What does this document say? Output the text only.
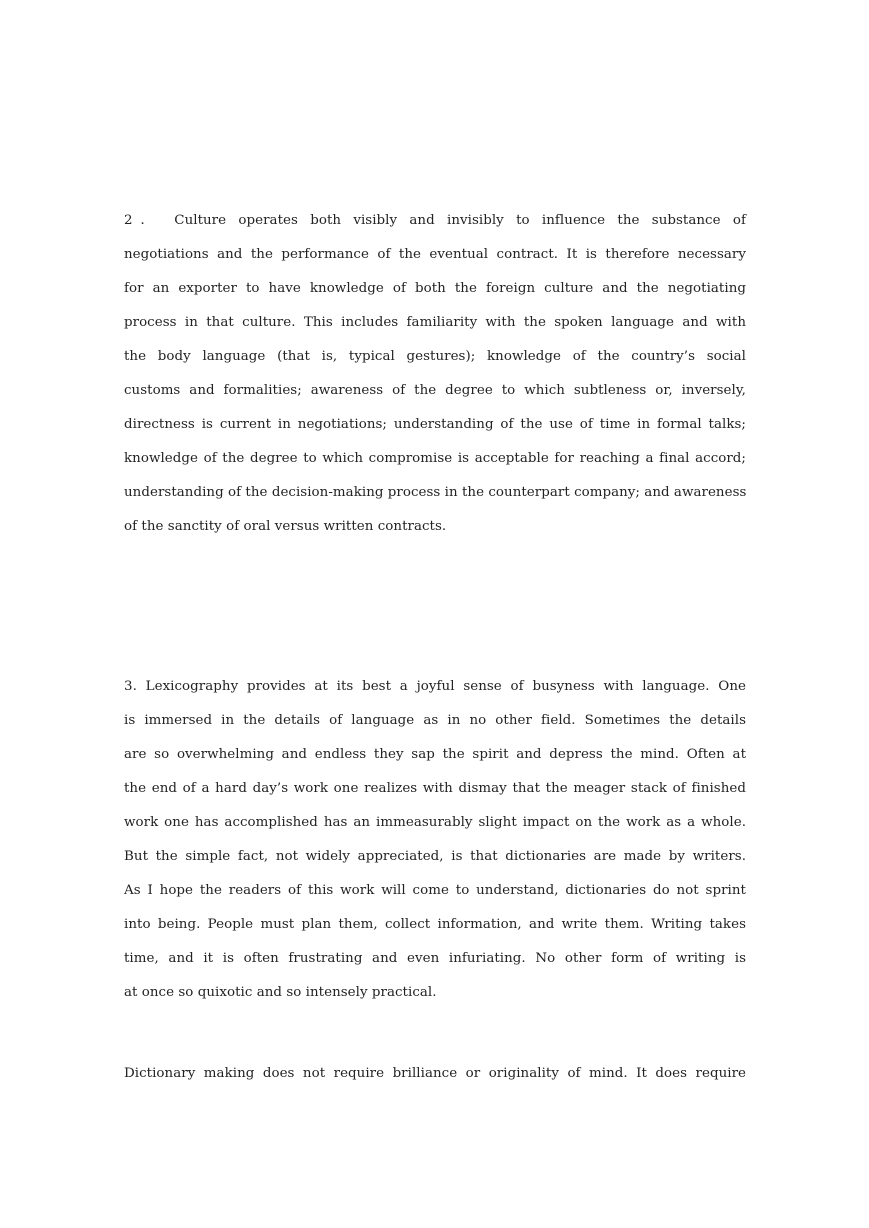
2． Culture operates both visibly and invisibly to influence the substance of
negotiations and the performance of the eventual contract. It is therefore necessary
for an exporter to have knowledge of both the foreign culture and the negotiating
process in that culture. This includes familiarity with the spoken language and with
the body language (that is, typical gestures); knowledge of the country’s social
customs and formalities; awareness of the degree to which subtleness or, inversely,
directness is current in negotiations; understanding of the use of time in formal talks;
knowledge of the degree to which compromise is acceptable for reaching a final accord;
understanding of the decision-making process in the counterpart company; and awareness
of the sanctity of oral versus written contracts.

3. Lexicography provides at its best a joyful sense of busyness with language. One
is immersed in the details of language as in no other field. Sometimes the details
are so overwhelming and endless they sap the spirit and depress the mind. Often at
the end of a hard day’s work one realizes with dismay that the meager stack of finished
work one has accomplished has an immeasurably slight impact on the work as a whole.
But the simple fact, not widely appreciated, is that dictionaries are made by writers.
As I hope the readers of this work will come to understand, dictionaries do not sprint
into being. People must plan them, collect information, and write them. Writing takes
time, and it is often frustrating and even infuriating. No other form of writing is
at once so quixotic and so intensely practical.

Dictionary making does not require brilliance or originality of mind. It does require
